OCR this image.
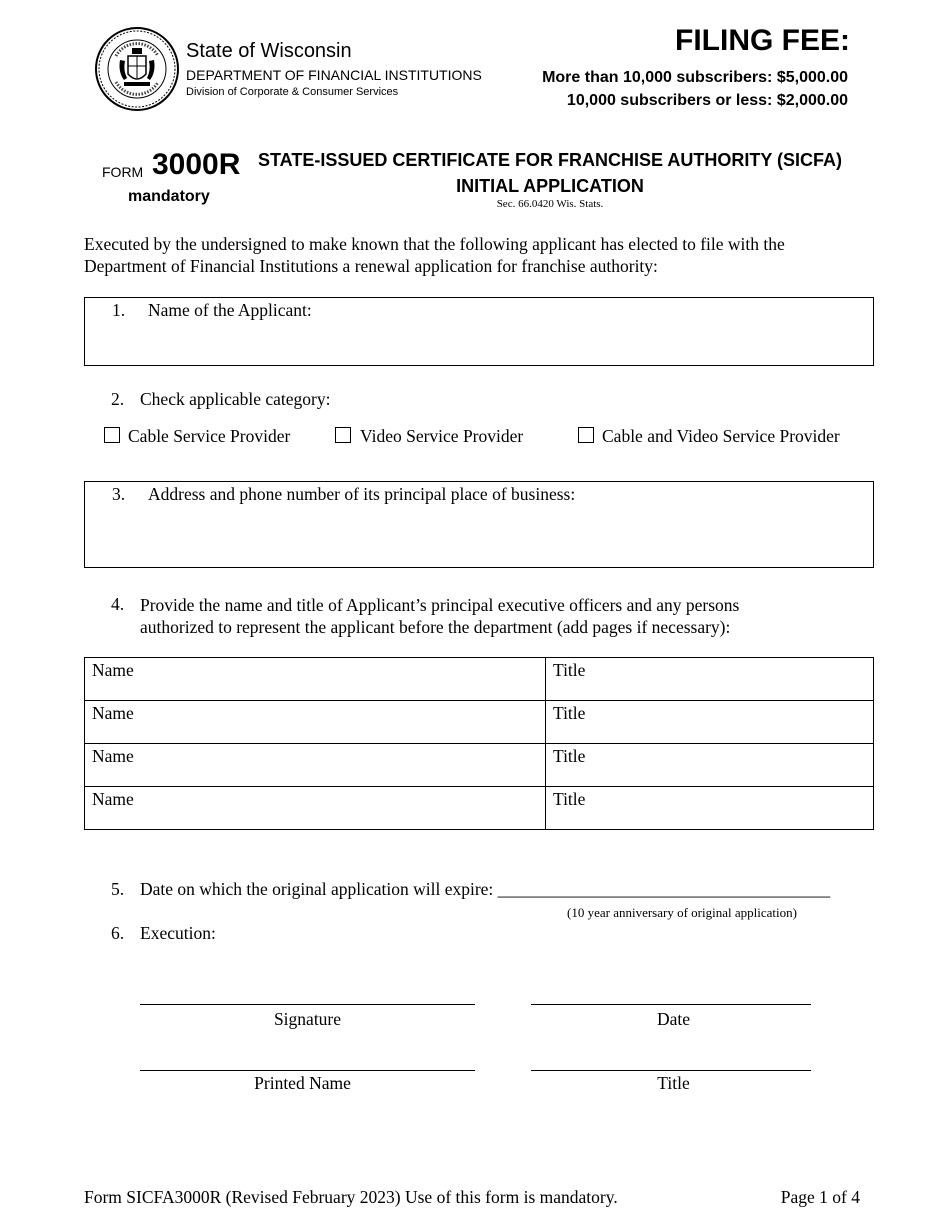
State of Wisconsin
DEPARTMENT OF FINANCIAL INSTITUTIONS
Division of Corporate & Consumer Services
FILING FEE:
More than 10,000 subscribers: $5,000.00
10,000 subscribers or less: $2,000.00
FORM 3000R
mandatory
STATE-ISSUED CERTIFICATE FOR FRANCHISE AUTHORITY (SICFA)
INITIAL APPLICATION
Sec. 66.0420 Wis. Stats.
Executed by the undersigned to make known that the following applicant has elected to file with the Department of Financial Institutions a renewal application for franchise authority:
1. Name of the Applicant:
2. Check applicable category:
Cable Service Provider	Video Service Provider	Cable and Video Service Provider
3. Address and phone number of its principal place of business:
4. Provide the name and title of Applicant’s principal executive officers and any persons
authorized to represent the applicant before the department (add pages if necessary):
Name	Title
Name	Title
Name	Title
Name	Title
5. Date on which the original application will expire: ______________________________________
(10 year anniversary of original application)
6. Execution:
Signature	Date
Printed Name	Title
Form SICFA3000R (Revised February 2023) Use of this form is mandatory.	Page 1 of 4
